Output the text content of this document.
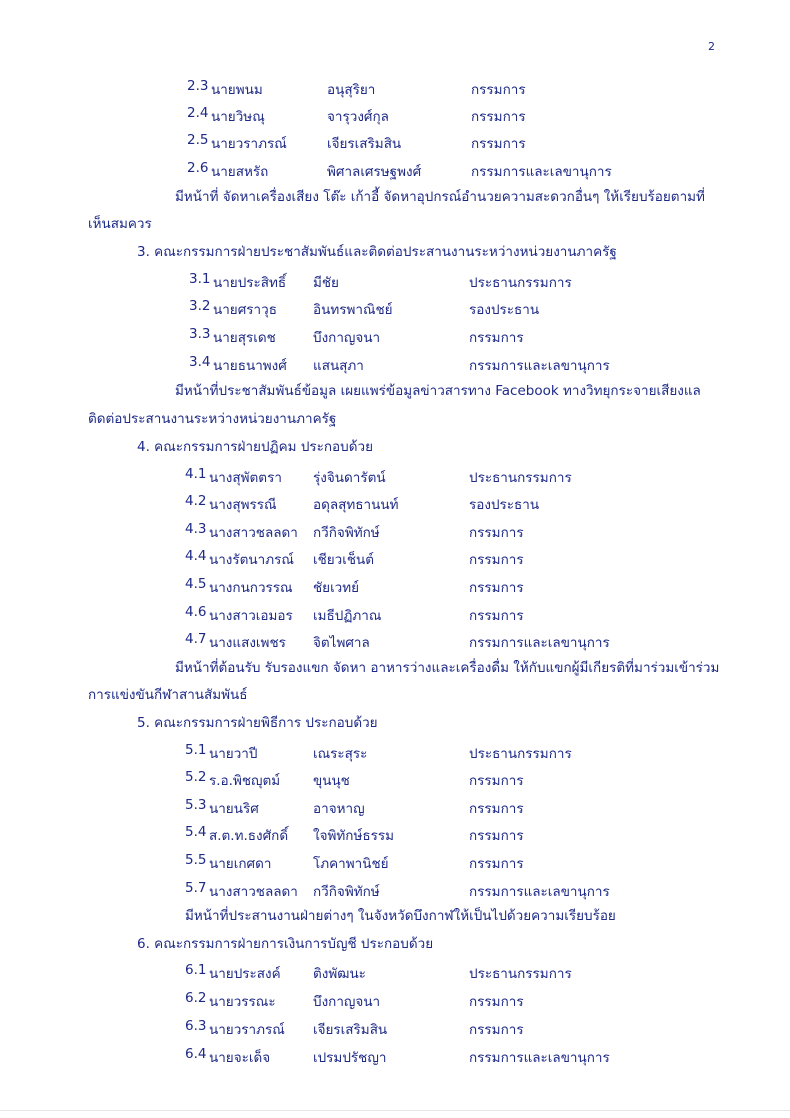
2
2.3 นายพนม	อนุสุริยา	กรรมการ
2.4 นายวิษณุ	จารุวงศ์กุล	กรรมการ
2.5 นายวราภรณ์	เจียรเสริมสิน	กรรมการ
2.6 นายสหรัถ	พิศาลเศรษฐพงศ์	กรรมการและเลขานุการ
มีหน้าที่ จัดหาเครื่องเสียง โต๊ะ เก้าอี้ จัดหาอุปกรณ์อำนวยความสะดวกอื่นๆ ให้เรียบร้อยตามที่
เห็นสมควร
3. คณะกรรมการฝ่ายประชาสัมพันธ์และติดต่อประสานงานระหว่างหน่วยงานภาครัฐ
3.1 นายประสิทธิ์ มีชัย	ประธานกรรมการ
3.2 นายศราวุธ	อินทรพาณิชย์	รองประธาน
3.3 นายสุรเดช	บึงกาญจนา	กรรมการ
3.4 นายธนาพงศ์ แสนสุภา	กรรมการและเลขานุการ
มีหน้าที่ประชาสัมพันธ์ข้อมูล เผยแพร่ข้อมูลข่าวสารทาง Facebook ทางวิทยุกระจายเสียงแล
ติดต่อประสานงานระหว่างหน่วยงานภาครัฐ
4. คณะกรรมการฝ่ายปฏิคม ประกอบด้วย
4.1 นางสุพัตตรา รุ่งจินดารัตน์	ประธานกรรมการ
4.2 นางสุพรรณี	อดุลสุทธานนท์	รองประธาน
4.3 นางสาวชลลดา กวีกิจพิทักษ์	กรรมการ
4.4 นางรัตนาภรณ์ เชียวเช็นต์	กรรมการ
4.5 นางกนกวรรณ ชัยเวทย์	กรรมการ
4.6 นางสาวเอมอร เมธีปฏิภาณ	กรรมการ
4.7 นางแสงเพชร จิตไพศาล	กรรมการและเลขานุการ
มีหน้าที่ต้อนรับ รับรองแขก จัดหา อาหารว่างและเครื่องดื่ม ให้กับแขกผู้มีเกียรติที่มาร่วมเข้าร่วม
การแข่งขันกีฬาสานสัมพันธ์
5. คณะกรรมการฝ่ายพิธีการ ประกอบด้วย
5.1 นายวาปี	เณระสุระ	ประธานกรรมการ
5.2 ร.อ.พิชญุตม์ ขุนนุช	กรรมการ
5.3 นายนริศ	อาจหาญ	กรรมการ
5.4 ส.ต.ท.ธงศักดิ์ ใจพิทักษ์ธรรม	กรรมการ
5.5 นายเกศดา	โภคาพานิชย์	กรรมการ
5.7 นางสาวชลลดา กวีกิจพิทักษ์	กรรมการและเลขานุการ
มีหน้าที่ประสานงานฝ่ายต่างๆ ในจังหวัดบึงกาฬให้เป็นไปด้วยความเรียบร้อย
6. คณะกรรมการฝ่ายการเงินการบัญชี ประกอบด้วย
6.1 นายประสงค์ ติงพัฒนะ	ประธานกรรมการ
6.2 นายวรรณะ	บึงกาญจนา	กรรมการ
6.3 นายวราภรณ์ เจียรเสริมสิน	กรรมการ
6.4 นายจะเด็จ	เปรมปรัชญา	กรรมการและเลขานุการ
